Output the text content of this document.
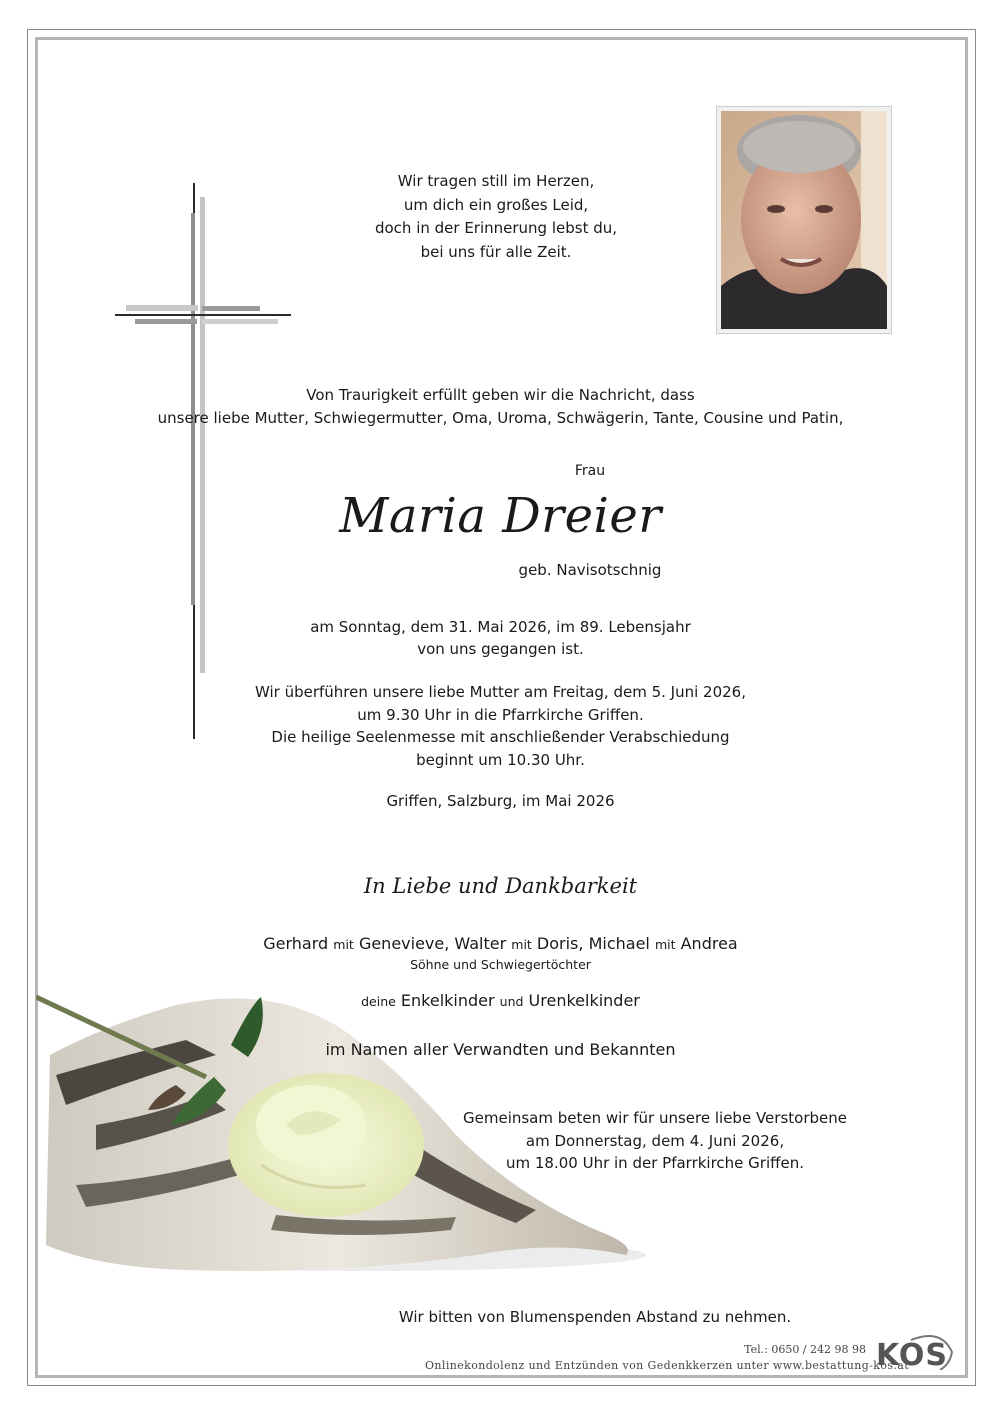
Wir tragen still im Herzen,
um dich ein großes Leid,
doch in der Erinnerung lebst du,
bei uns für alle Zeit.
Von Traurigkeit erfüllt geben wir die Nachricht, dass
unsere liebe Mutter, Schwiegermutter, Oma, Uroma, Schwägerin, Tante, Cousine und Patin,
Frau
Maria Dreier
geb. Navisotschnig
am Sonntag, dem 31. Mai 2026, im 89. Lebensjahr
von uns gegangen ist.
Wir überführen unsere liebe Mutter am Freitag, dem 5. Juni 2026,
um 9.30 Uhr in die Pfarrkirche Griffen.
Die heilige Seelenmesse mit anschließender Verabschiedung
beginnt um 10.30 Uhr.
Griffen, Salzburg, im Mai 2026
In Liebe und Dankbarkeit
Gerhard mit Genevieve, Walter mit Doris, Michael mit Andrea
Söhne und Schwiegertöchter
deine Enkelkinder und Urenkelkinder
im Namen aller Verwandten und Bekannten
Gemeinsam beten wir für unsere liebe Verstorbene
am Donnerstag, dem 4. Juni 2026,
um 18.00 Uhr in der Pfarrkirche Griffen.
Wir bitten von Blumenspenden Abstand zu nehmen.
Tel.: 0650 / 242 98 98
Onlinekondolenz und Entzünden von Gedenkkerzen unter www.bestattung-kos.at
KOS
